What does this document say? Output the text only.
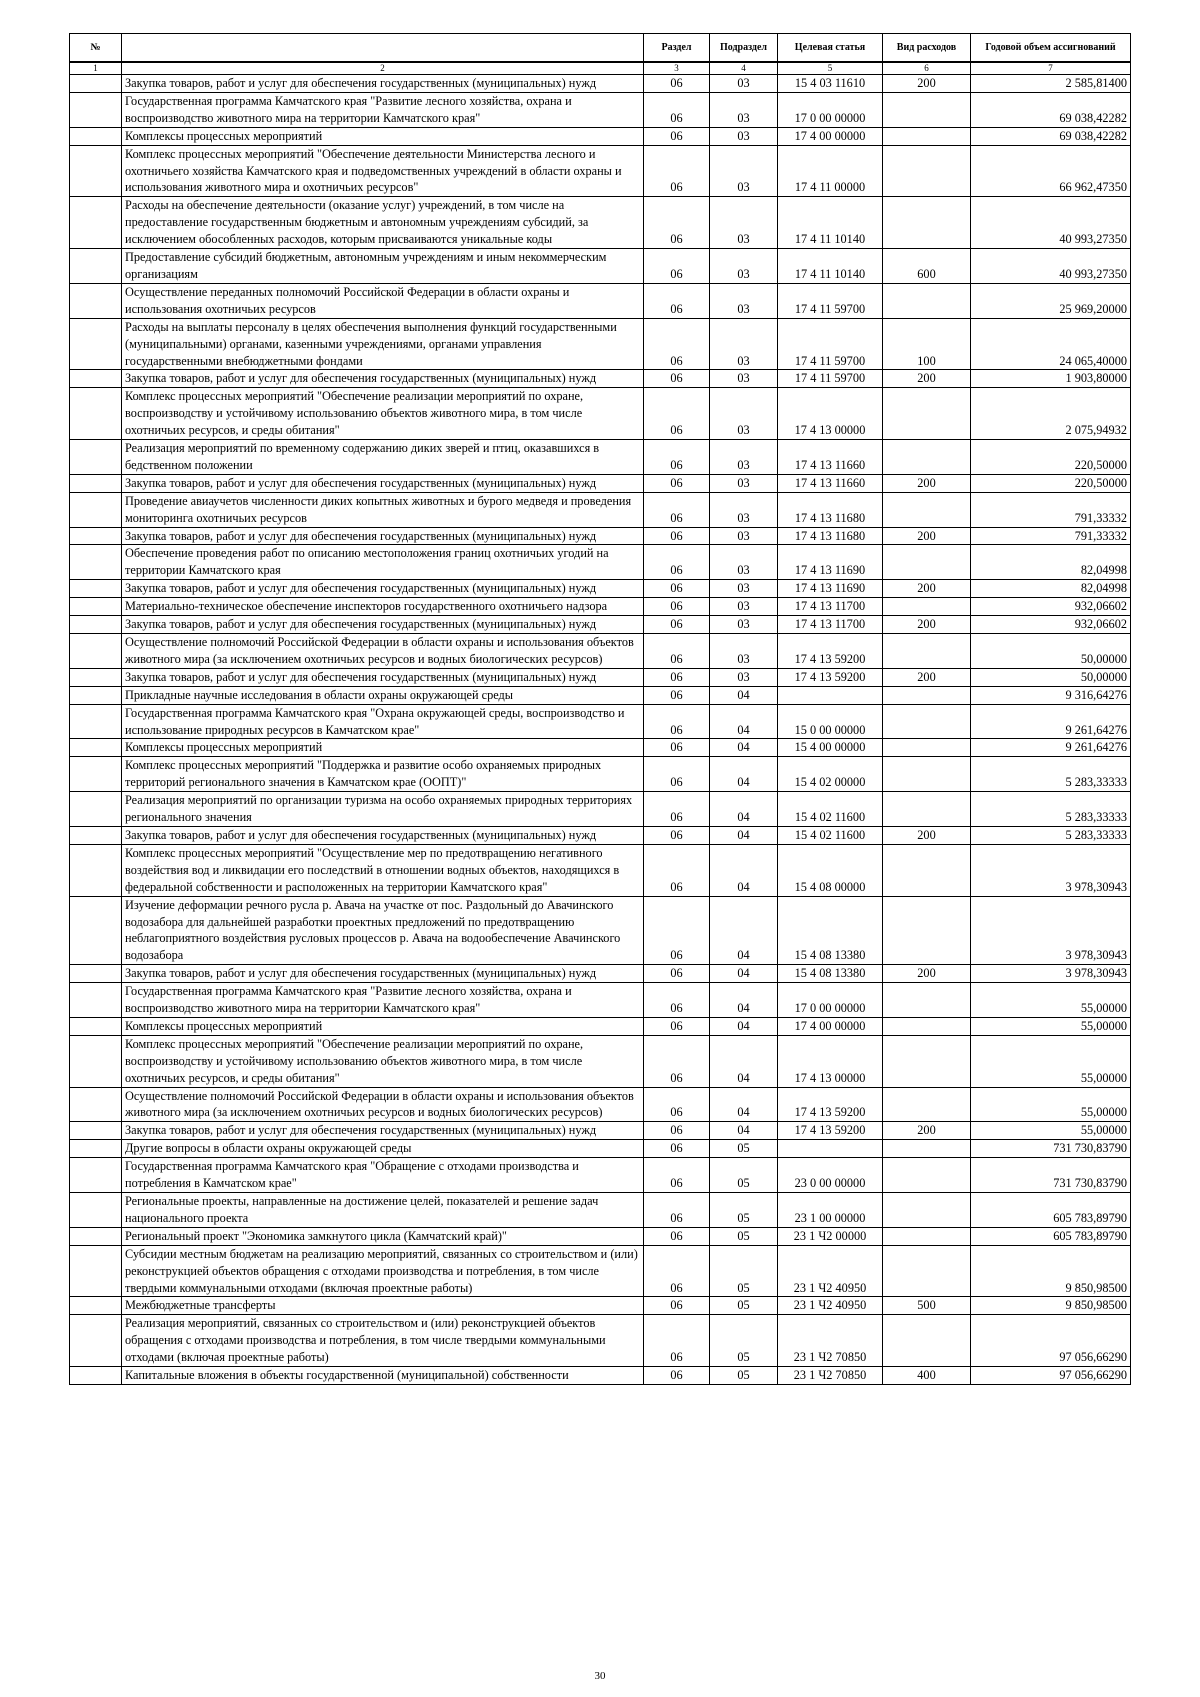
№		Раздел	Подраздел	Целевая статья	Вид расходов	Годовой объем ассигнований
1	2	3	4	5	6	7
	Закупка товаров, работ и услуг для обеспечения государственных (муниципальных) нужд	06	03	15 4 03 11610	200	2 585,81400
	Государственная программа Камчатского края "Развитие лесного хозяйства, охрана и воспроизводство животного мира на территории Камчатского края"	06	03	17 0 00 00000		69 038,42282
	Комплексы процессных мероприятий	06	03	17 4 00 00000		69 038,42282
	Комплекс процессных мероприятий "Обеспечение деятельности Министерства лесного и охотничьего хозяйства Камчатского края и подведомственных учреждений в области охраны и использования животного мира и охотничьих ресурсов"	06	03	17 4 11 00000		66 962,47350
	Расходы на обеспечение деятельности (оказание услуг) учреждений, в том числе на предоставление государственным бюджетным и автономным учреждениям субсидий, за исключением обособленных расходов, которым присваиваются уникальные коды	06	03	17 4 11 10140		40 993,27350
	Предоставление субсидий бюджетным, автономным учреждениям и иным некоммерческим организациям	06	03	17 4 11 10140	600	40 993,27350
	Осуществление переданных полномочий Российской Федерации в области охраны и использования охотничьих ресурсов	06	03	17 4 11 59700		25 969,20000
	Расходы на выплаты персоналу в целях обеспечения выполнения функций государственными (муниципальными) органами, казенными учреждениями, органами управления государственными внебюджетными фондами	06	03	17 4 11 59700	100	24 065,40000
	Закупка товаров, работ и услуг для обеспечения государственных (муниципальных) нужд	06	03	17 4 11 59700	200	1 903,80000
	Комплекс процессных мероприятий "Обеспечение реализации мероприятий по охране, воспроизводству и устойчивому использованию объектов животного мира, в том числе охотничьих ресурсов, и среды обитания"	06	03	17 4 13 00000		2 075,94932
	Реализация мероприятий по временному содержанию диких зверей и птиц, оказавшихся в бедственном положении	06	03	17 4 13 11660		220,50000
	Закупка товаров, работ и услуг для обеспечения государственных (муниципальных) нужд	06	03	17 4 13 11660	200	220,50000
	Проведение авиаучетов численности диких копытных животных и бурого медведя и проведения мониторинга охотничьих ресурсов	06	03	17 4 13 11680		791,33332
	Закупка товаров, работ и услуг для обеспечения государственных (муниципальных) нужд	06	03	17 4 13 11680	200	791,33332
	Обеспечение проведения работ по описанию местоположения границ охотничьих угодий на территории Камчатского края	06	03	17 4 13 11690		82,04998
	Закупка товаров, работ и услуг для обеспечения государственных (муниципальных) нужд	06	03	17 4 13 11690	200	82,04998
	Материально-техническое обеспечение инспекторов государственного охотничьего надзора	06	03	17 4 13 11700		932,06602
	Закупка товаров, работ и услуг для обеспечения государственных (муниципальных) нужд	06	03	17 4 13 11700	200	932,06602
	Осуществление полномочий Российской Федерации в области охраны и использования объектов животного мира (за исключением охотничьих ресурсов и водных биологических ресурсов)	06	03	17 4 13 59200		50,00000
	Закупка товаров, работ и услуг для обеспечения государственных (муниципальных) нужд	06	03	17 4 13 59200	200	50,00000
	Прикладные научные исследования в области охраны окружающей среды	06	04			9 316,64276
	Государственная программа Камчатского края "Охрана окружающей среды, воспроизводство и использование природных ресурсов в Камчатском крае"	06	04	15 0 00 00000		9 261,64276
	Комплексы процессных мероприятий	06	04	15 4 00 00000		9 261,64276
	Комплекс процессных мероприятий "Поддержка и развитие особо охраняемых природных территорий регионального значения в Камчатском крае (ООПТ)"	06	04	15 4 02 00000		5 283,33333
	Реализация мероприятий по организации туризма на особо охраняемых природных территориях регионального значения	06	04	15 4 02 11600		5 283,33333
	Закупка товаров, работ и услуг для обеспечения государственных (муниципальных) нужд	06	04	15 4 02 11600	200	5 283,33333
	Комплекс процессных мероприятий "Осуществление мер по предотвращению негативного воздействия вод и ликвидации его последствий в отношении водных объектов, находящихся в федеральной собственности и расположенных на территории Камчатского края"	06	04	15 4 08 00000		3 978,30943
	Изучение деформации речного русла р. Авача на участке от пос. Раздольный до Авачинского водозабора для дальнейшей разработки проектных предложений по предотвращению неблагоприятного воздействия русловых процессов р. Авача на водообеспечение Авачинского водозабора	06	04	15 4 08 13380		3 978,30943
	Закупка товаров, работ и услуг для обеспечения государственных (муниципальных) нужд	06	04	15 4 08 13380	200	3 978,30943
	Государственная программа Камчатского края "Развитие лесного хозяйства, охрана и воспроизводство животного мира на территории Камчатского края"	06	04	17 0 00 00000		55,00000
	Комплексы процессных мероприятий	06	04	17 4 00 00000		55,00000
	Комплекс процессных мероприятий "Обеспечение реализации мероприятий по охране, воспроизводству и устойчивому использованию объектов животного мира, в том числе охотничьих ресурсов, и среды обитания"	06	04	17 4 13 00000		55,00000
	Осуществление полномочий Российской Федерации в области охраны и использования объектов животного мира (за исключением охотничьих ресурсов и водных биологических ресурсов)	06	04	17 4 13 59200		55,00000
	Закупка товаров, работ и услуг для обеспечения государственных (муниципальных) нужд	06	04	17 4 13 59200	200	55,00000
	Другие вопросы в области охраны окружающей среды	06	05			731 730,83790
	Государственная программа Камчатского края "Обращение с отходами производства и потребления в Камчатском крае"	06	05	23 0 00 00000		731 730,83790
	Региональные проекты, направленные на достижение целей, показателей и решение задач национального проекта	06	05	23 1 00 00000		605 783,89790
	Региональный проект "Экономика замкнутого цикла (Камчатский край)"	06	05	23 1 Ч2 00000		605 783,89790
	Субсидии местным бюджетам на реализацию мероприятий, связанных со строительством и (или) реконструкцией объектов обращения с отходами производства и потребления, в том числе твердыми коммунальными отходами (включая проектные работы)	06	05	23 1 Ч2 40950		9 850,98500
	Межбюджетные трансферты	06	05	23 1 Ч2 40950	500	9 850,98500
	Реализация мероприятий, связанных со строительством и (или) реконструкцией объектов обращения с отходами производства и потребления, в том числе твердыми коммунальными отходами (включая проектные работы)	06	05	23 1 Ч2 70850		97 056,66290
	Капитальные вложения в объекты государственной (муниципальной) собственности	06	05	23 1 Ч2 70850	400	97 056,66290
30
